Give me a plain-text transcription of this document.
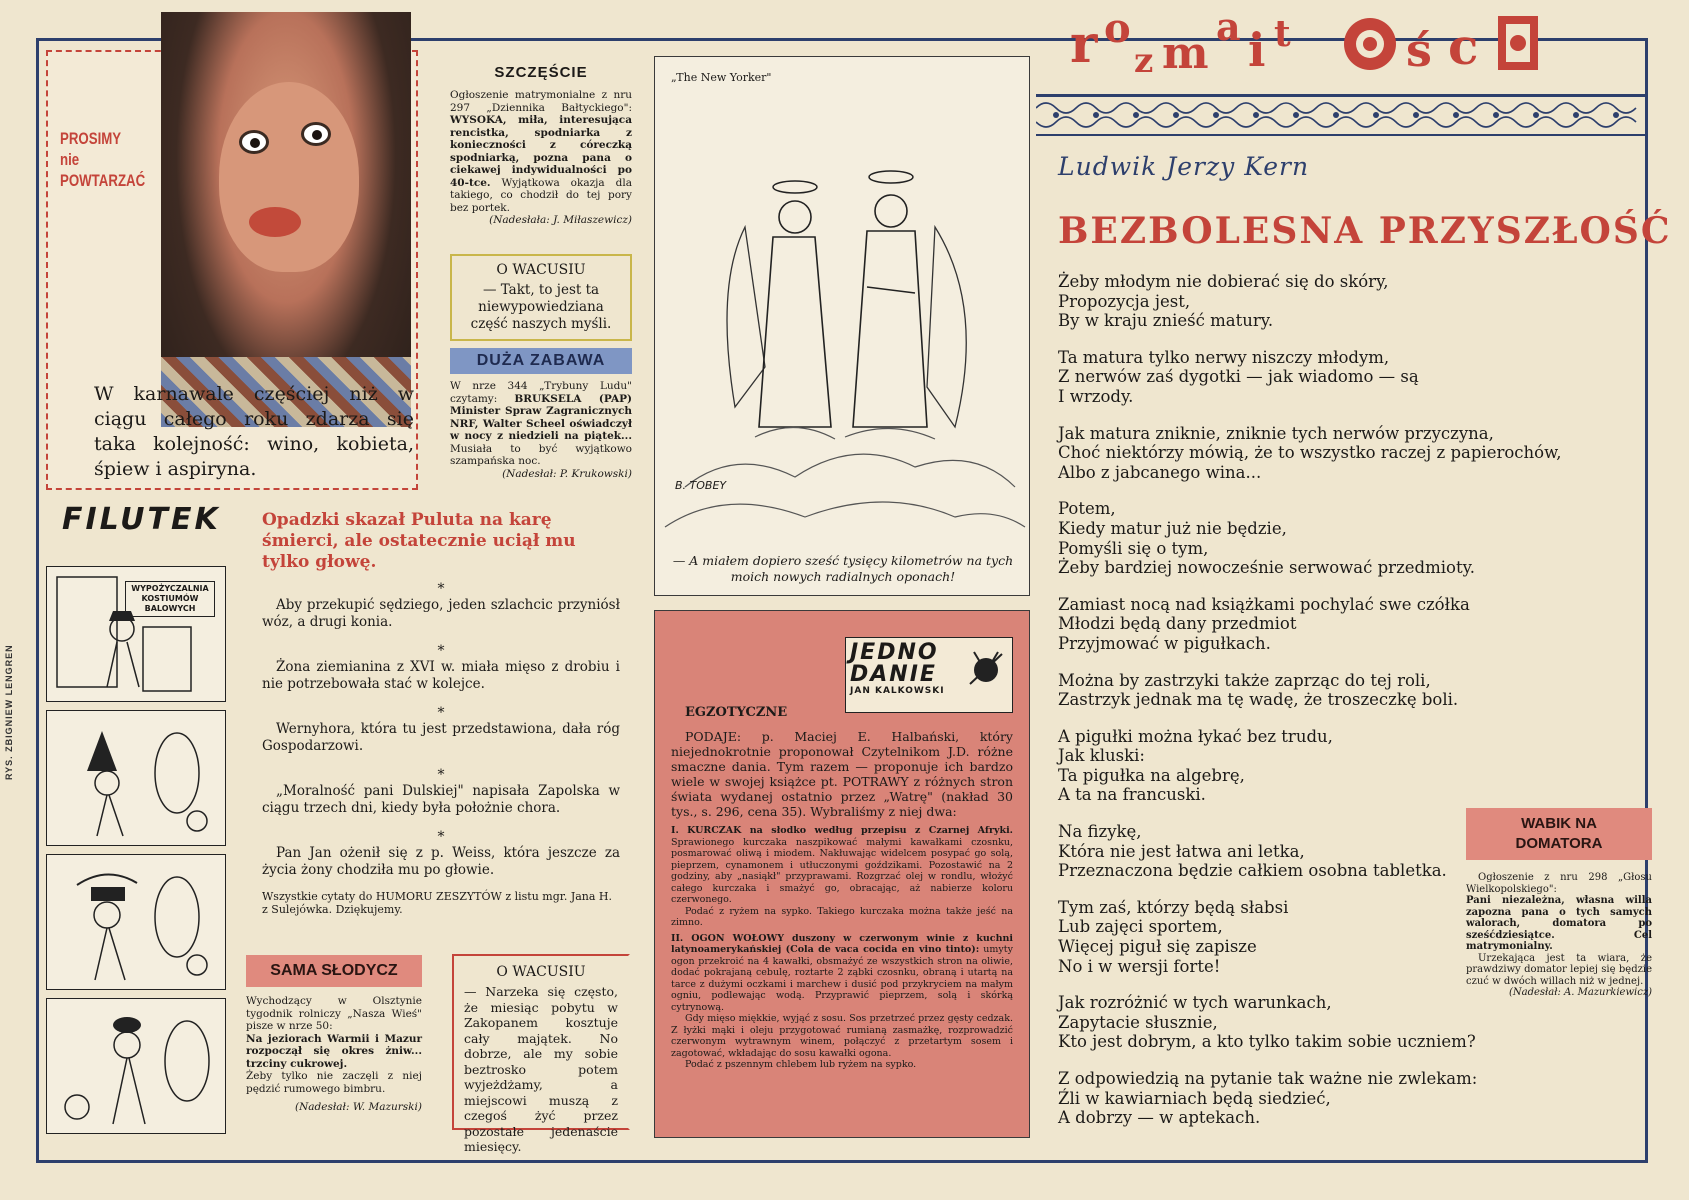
RYS. ZBIGNIEW LENGREN
r o
z m
a i t	ś c
PROSIMY nie POWTARZAĆ
W karnawale częściej niż w ciągu całego roku zdarza się taka kolejność: wino, kobieta, śpiew i aspiryna.
SZCZĘŚCIE
Ogłoszenie matrymonialne z nru 297 „Dziennika Bałtyckiego": WYSOKA, miła, interesująca rencistka, spodniarka z konieczności z córeczką spodniarką, pozna pana o ciekawej indywidualności po 40-tce. Wyjątkowa okazja dla takiego, co chodził do tej pory bez portek.
(Nadesłała: J. Miłaszewicz)
O WACUSIU
— Takt, to jest ta niewypowiedziana część naszych myśli.
DUŻA ZABAWA
W nrze 344 „Trybuny Ludu" czytamy: BRUKSELA (PAP) Minister Spraw Zagranicznych NRF, Walter Scheel oświadczył w nocy z niedzieli na piątek... Musiała to być wyjątkowo szampańska noc.
(Nadesłał: P. Krukowski)
FILUTEK
WYPOŻYCZALNIA KOSTIUMÓW BALOWYCH
Opadzki skazał Puluta na karę śmierci, ale ostatecznie uciął mu tylko głowę.
*
Aby przekupić sędziego, jeden szlachcic przyniósł wóz, a drugi konia.
*
Żona ziemianina z XVI w. miała mięso z drobiu i nie potrzebowała stać w kolejce.
*
Wernyhora, która tu jest przedstawiona, dała róg Gospodarzowi.
*
„Moralność pani Dulskiej" napisała Zapolska w ciągu trzech dni, kiedy była położnie chora.
*
Pan Jan ożenił się z p. Weiss, która jeszcze za życia żony chodziła mu po głowie.
Wszystkie cytaty do HUMORU ZESZYTÓW z listu mgr. Jana H. z Sulejówka. Dziękujemy.
SAMA SŁODYCZ
Wychodzący w Olsztynie tygodnik rolniczy „Nasza Wieś" pisze w nrze 50:
Na jeziorach Warmii i Mazur rozpoczął się okres żniw... trzciny cukrowej.
Żeby tylko nie zaczęli z niej pędzić rumowego bimbru.
(Nadesłał: W. Mazurski)
O WACUSIU
— Narzeka się często, że miesiąc pobytu w Zakopanem kosztuje cały majątek. No dobrze, ale my sobie beztrosko potem wyjeżdżamy, a miejscowi muszą z czegoś żyć przez pozostałe jedenaście miesięcy.
„The New Yorker"
B. TOBEY
— A miałem dopiero sześć tysięcy kilometrów na tych moich nowych radialnych oponach!
JEDNO
DANIE
JAN KALKOWSKI
EGZOTYCZNE
PODAJE: p. Maciej E. Halbański, który niejednokrotnie proponował Czytelnikom J.D. różne smaczne dania. Tym razem — proponuje ich bardzo wiele w swojej książce pt. POTRAWY z różnych stron świata wydanej ostatnio przez „Watrę" (nakład 30 tys., s. 296, cena 35). Wybraliśmy z niej dwa:
I. KURCZAK na słodko według przepisu z Czarnej Afryki. Sprawionego kurczaka naszpikować małymi kawałkami czosnku, posmarować oliwą i miodem. Nakłuwając widelcem posypać go solą, pieprzem, cynamonem i utłuczonymi goździkami. Pozostawić na 2 godziny, aby „nasiąkł" przyprawami. Rozgrzać olej w rondlu, włożyć całego kurczaka i smażyć go, obracając, aż nabierze koloru czerwonego.
Podać z ryżem na sypko. Takiego kurczaka można także jeść na zimno.
II. OGON WOŁOWY duszony w czerwonym winie z kuchni latynoamerykańskiej (Cola de vaca cocida en vino tinto): umyty ogon przekroić na 4 kawałki, obsmażyć ze wszystkich stron na oliwie, dodać pokrajaną cebulę, roztarte 2 ząbki czosnku, obraną i utartą na tarce z dużymi oczkami i marchew i dusić pod przykryciem na małym ogniu, podlewając wodą. Przyprawić pieprzem, solą i skórką cytrynową.
Gdy mięso miękkie, wyjąć z sosu. Sos przetrzeć przez gęsty cedzak. Z łyżki mąki i oleju przygotować rumianą zasmażkę, rozprowadzić czerwonym wytrawnym winem, połączyć z przetartym sosem i zagotować, wkładając do sosu kawałki ogona.
Podać z pszennym chlebem lub ryżem na sypko.
Ludwik Jerzy Kern
BEZBOLESNA PRZYSZŁOŚĆ
Żeby młodym nie dobierać się do skóry,
Propozycja jest,
By w kraju znieść matury.
Ta matura tylko nerwy niszczy młodym,
Z nerwów zaś dygotki — jak wiadomo — są
I wrzody.
Jak matura zniknie, zniknie tych nerwów przyczyna,
Choć niektórzy mówią, że to wszystko raczej z papierochów,
Albo z jabcanego wina...
Potem,
Kiedy matur już nie będzie,
Pomyśli się o tym,
Żeby bardziej nowocześnie serwować przedmioty.
Zamiast nocą nad książkami pochylać swe czółka
Młodzi będą dany przedmiot
Przyjmować w pigułkach.
Można by zastrzyki także zaprząc do tej roli,
Zastrzyk jednak ma tę wadę, że troszeczkę boli.
A pigułki można łykać bez trudu,
Jak kluski:
Ta pigułka na algebrę,
A ta na francuski.
Na fizykę,
Która nie jest łatwa ani letka,
Przeznaczona będzie całkiem osobna tabletka.
Tym zaś, którzy będą słabsi
Lub zajęci sportem,
Więcej piguł się zapisze
No i w wersji forte!
Jak rozróżnić w tych warunkach,
Zapytacie słusznie,
Kto jest dobrym, a kto tylko takim sobie uczniem?
Z odpowiedzią na pytanie tak ważne nie zwlekam:
Źli w kawiarniach będą siedzieć,
A dobrzy — w aptekach.
WABIK NA DOMATORA
Ogłoszenie z nru 298 „Głosu Wielkopolskiego":
Pani niezależna, własna willa zapozna pana o tych samych walorach, domatora po sześćdziesiątce. Cel matrymonialny.
Urzekająca jest ta wiara, że prawdziwy domator lepiej się będzie czuć w dwóch willach niż w jednej.
(Nadesłał: A. Mazurkiewicz)
